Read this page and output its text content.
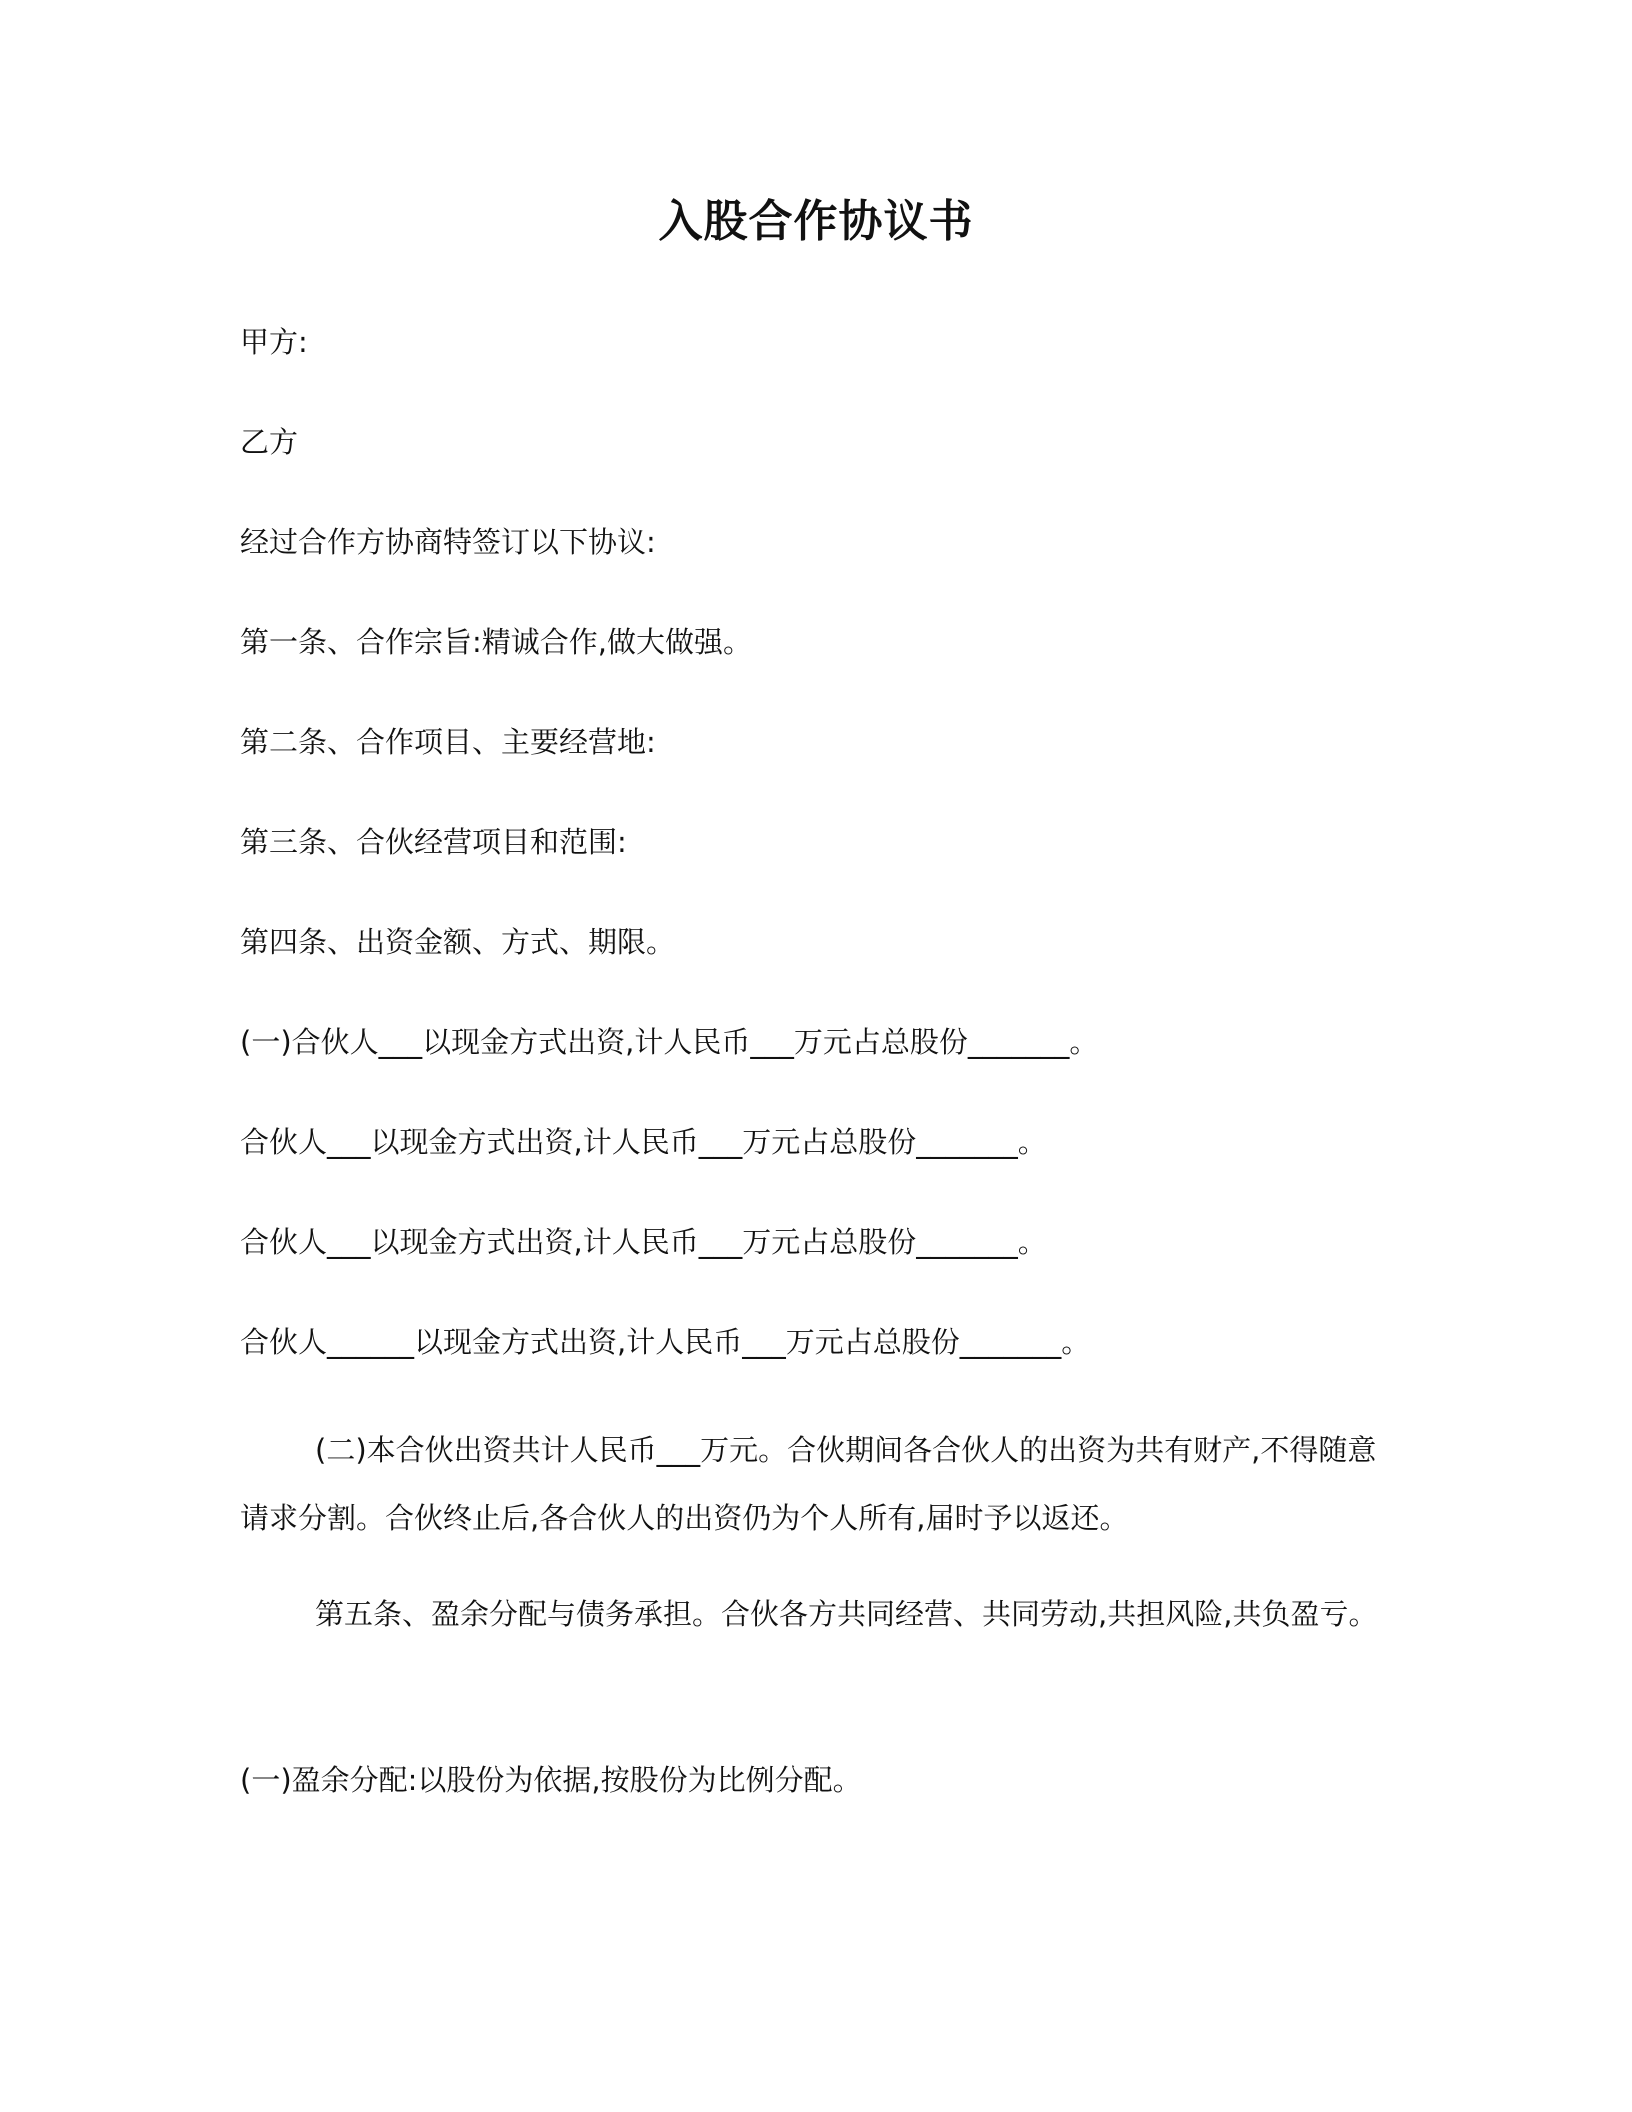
入股合作协议书
甲方:
乙方
经过合作方协商特签订以下协议:
第一条、合作宗旨:精诚合作,做大做强。
第二条、合作项目、主要经营地:
第三条、合伙经营项目和范围:
第四条、出资金额、方式、期限。
(一)合伙人___以现金方式出资,计人民币___万元占总股份_______。
合伙人___以现金方式出资,计人民币___万元占总股份_______。
合伙人___以现金方式出资,计人民币___万元占总股份_______。
合伙人______以现金方式出资,计人民币___万元占总股份_______。
(二)本合伙出资共计人民币___万元。合伙期间各合伙人的出资为共有财产,不得随意请求分割。合伙终止后,各合伙人的出资仍为个人所有,届时予以返还。
第五条、盈余分配与债务承担。合伙各方共同经营、共同劳动,共担风险,共负盈亏。
(一)盈余分配:以股份为依据,按股份为比例分配。
